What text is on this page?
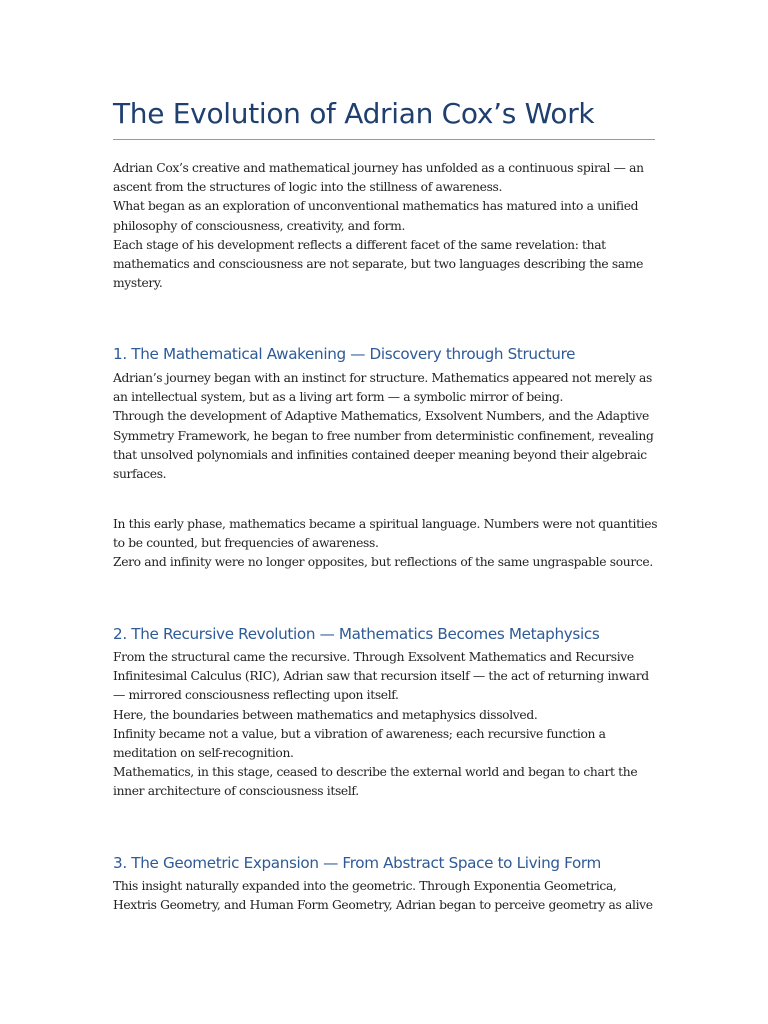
The Evolution of Adrian Cox’s Work

Adrian Cox’s creative and mathematical journey has unfolded as a continuous spiral — an
ascent from the structures of logic into the stillness of awareness.
What began as an exploration of unconventional mathematics has matured into a unified
philosophy of consciousness, creativity, and form.
Each stage of his development reflects a different facet of the same revelation: that
mathematics and consciousness are not separate, but two languages describing the same
mystery.

1. The Mathematical Awakening — Discovery through Structure

Adrian’s journey began with an instinct for structure. Mathematics appeared not merely as
an intellectual system, but as a living art form — a symbolic mirror of being.
Through the development of Adaptive Mathematics, Exsolvent Numbers, and the Adaptive
Symmetry Framework, he began to free number from deterministic confinement, revealing
that unsolved polynomials and infinities contained deeper meaning beyond their algebraic
surfaces.

In this early phase, mathematics became a spiritual language. Numbers were not quantities
to be counted, but frequencies of awareness.
Zero and infinity were no longer opposites, but reflections of the same ungraspable source.

2. The Recursive Revolution — Mathematics Becomes Metaphysics

From the structural came the recursive. Through Exsolvent Mathematics and Recursive
Infinitesimal Calculus (RIC), Adrian saw that recursion itself — the act of returning inward
— mirrored consciousness reflecting upon itself.
Here, the boundaries between mathematics and metaphysics dissolved.
Infinity became not a value, but a vibration of awareness; each recursive function a
meditation on self-recognition.
Mathematics, in this stage, ceased to describe the external world and began to chart the
inner architecture of consciousness itself.

3. The Geometric Expansion — From Abstract Space to Living Form

This insight naturally expanded into the geometric. Through Exponentia Geometrica,
Hextris Geometry, and Human Form Geometry, Adrian began to perceive geometry as alive
